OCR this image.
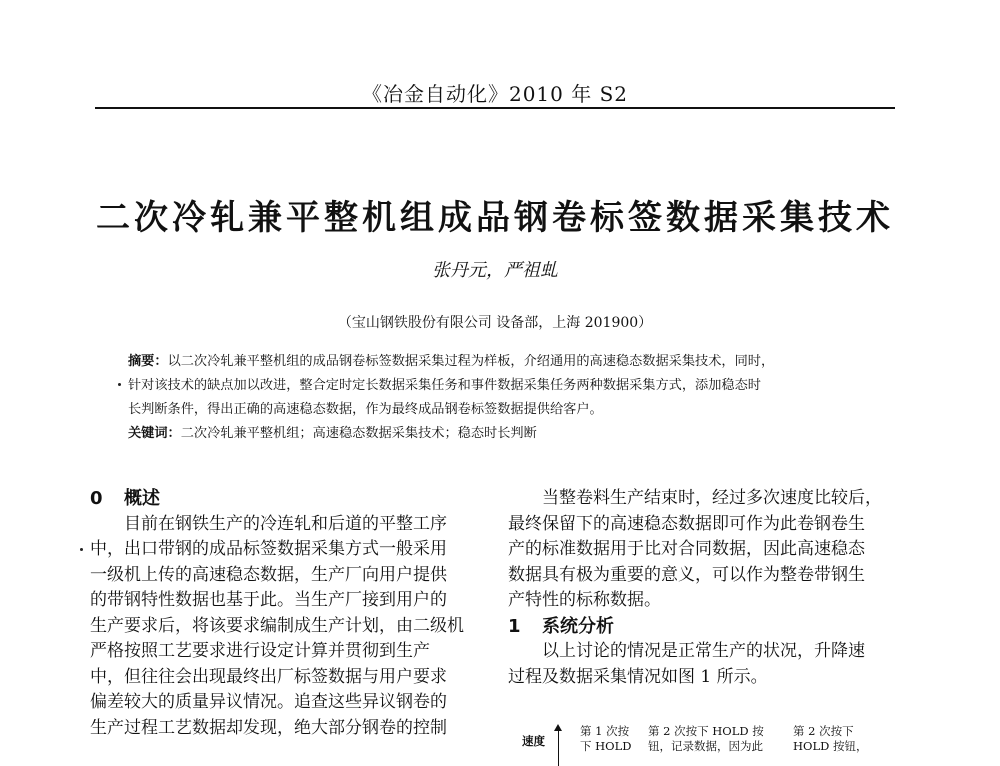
《冶金自动化》2010 年 S2
二次冷轧兼平整机组成品钢卷标签数据采集技术
张丹元，严祖虬
（宝山钢铁股份有限公司 设备部，上海 201900）

摘要：以二次冷轧兼平整机组的成品钢卷标签数据采集过程为样板，介绍通用的高速稳态数据采集技术，同时，

针对该技术的缺点加以改进，整合定时定长数据采集任务和事件数据采集任务两种数据采集方式，添加稳态时

长判断条件，得出正确的高速稳态数据，作为最终成品钢卷标签数据提供给客户。

关键词：二次冷轧兼平整机组；高速稳态数据采集技术；稳态时长判断

0 概述

目前在钢铁生产的冷连轧和后道的平整工序

中，出口带钢的成品标签数据采集方式一般采用

一级机上传的高速稳态数据，生产厂向用户提供

的带钢特性数据也基于此。当生产厂接到用户的

生产要求后，将该要求编制成生产计划，由二级机

严格按照工艺要求进行设定计算并贯彻到生产

中，但往往会出现最终出厂标签数据与用户要求

偏差较大的质量异议情况。追查这些异议钢卷的

生产过程工艺数据却发现，绝大部分钢卷的控制

当整卷料生产结束时，经过多次速度比较后，

最终保留下的高速稳态数据即可作为此卷钢卷生

产的标准数据用于比对合同数据，因此高速稳态

数据具有极为重要的意义，可以作为整卷带钢生

产特性的标称数据。

1 系统分析

以上讨论的情况是正常生产的状况，升降速

过程及数据采集情况如图 1 所示。

速度
第 1 次按 下 HOLD
第 2 次按下 HOLD 按 钮，记录数据，因为此
第 2 次按下 HOLD 按钮，
